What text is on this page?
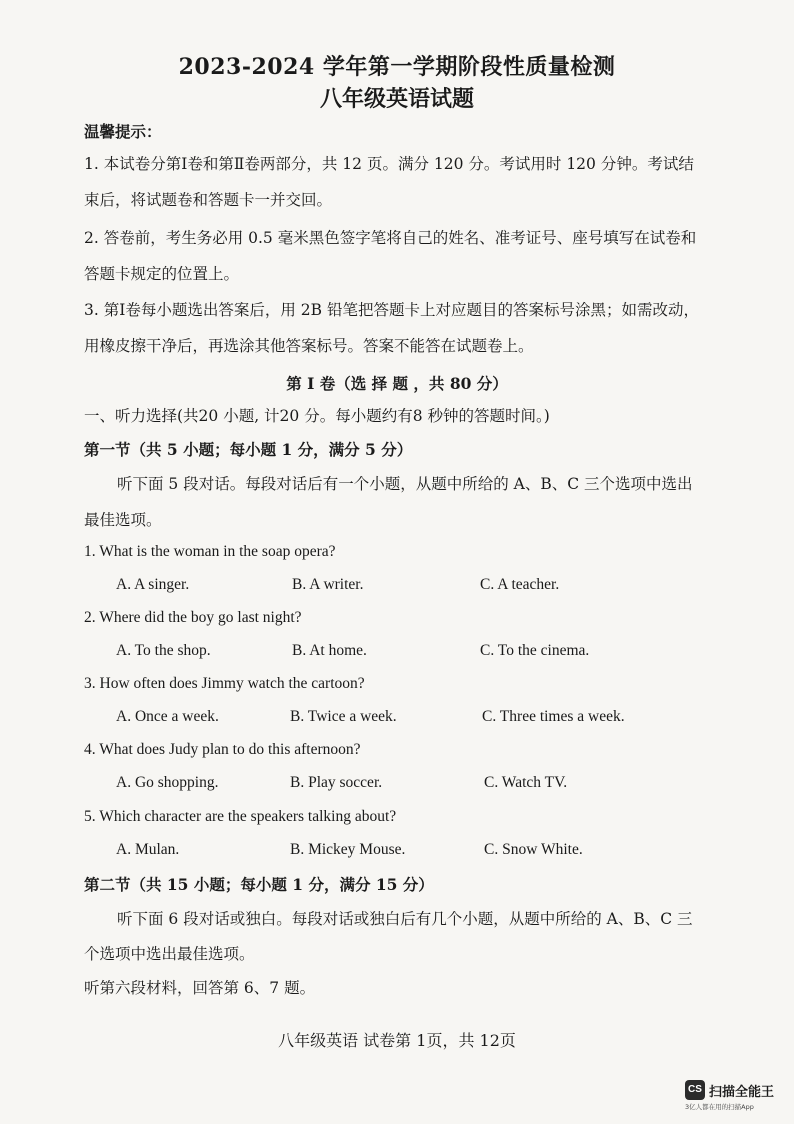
2023-2024 学年第一学期阶段性质量检测
八年级英语试题
温馨提示：
1. 本试卷分第Ⅰ卷和第Ⅱ卷两部分，共 12 页。满分 120 分。考试用时 120 分钟。考试结
束后，将试题卷和答题卡一并交回。
2. 答卷前，考生务必用 0.5 毫米黑色签字笔将自己的姓名、准考证号、座号填写在试卷和
答题卡规定的位置上。
3. 第Ⅰ卷每小题选出答案后，用 2B 铅笔把答题卡上对应题目的答案标号涂黑；如需改动，
用橡皮擦干净后，再选涂其他答案标号。答案不能答在试题卷上。
第 I 卷（选 择 题 ，共 80 分）
一、听力选择(共20 小题, 计20 分。每小题约有8 秒钟的答题时间。)
第一节（共 5 小题；每小题 1 分，满分 5 分）
听下面 5 段对话。每段对话后有一个小题，从题中所给的 A、B、C 三个选项中选出
最佳选项。
1. What is the woman in the soap opera?
A. A singer.	B. A writer.	C. A teacher.
2. Where did the boy go last night?
A. To the shop.	B. At home.	C. To the cinema.
3. How often does Jimmy watch the cartoon?
A. Once a week.	B. Twice a week.	C. Three times a week.
4. What does Judy plan to do this afternoon?
A. Go shopping.	B. Play soccer.	C. Watch TV.
5. Which character are the speakers talking about?
A. Mulan.	B. Mickey Mouse.	C. Snow White.
第二节（共 15 小题；每小题 1 分，满分 15 分）
听下面 6 段对话或独白。每段对话或独白后有几个小题，从题中所给的 A、B、C 三
个选项中选出最佳选项。
听第六段材料，回答第 6、7 题。
八年级英语 试卷第 1页，共 12页
CS 扫描全能王
3亿人都在用的扫描App
